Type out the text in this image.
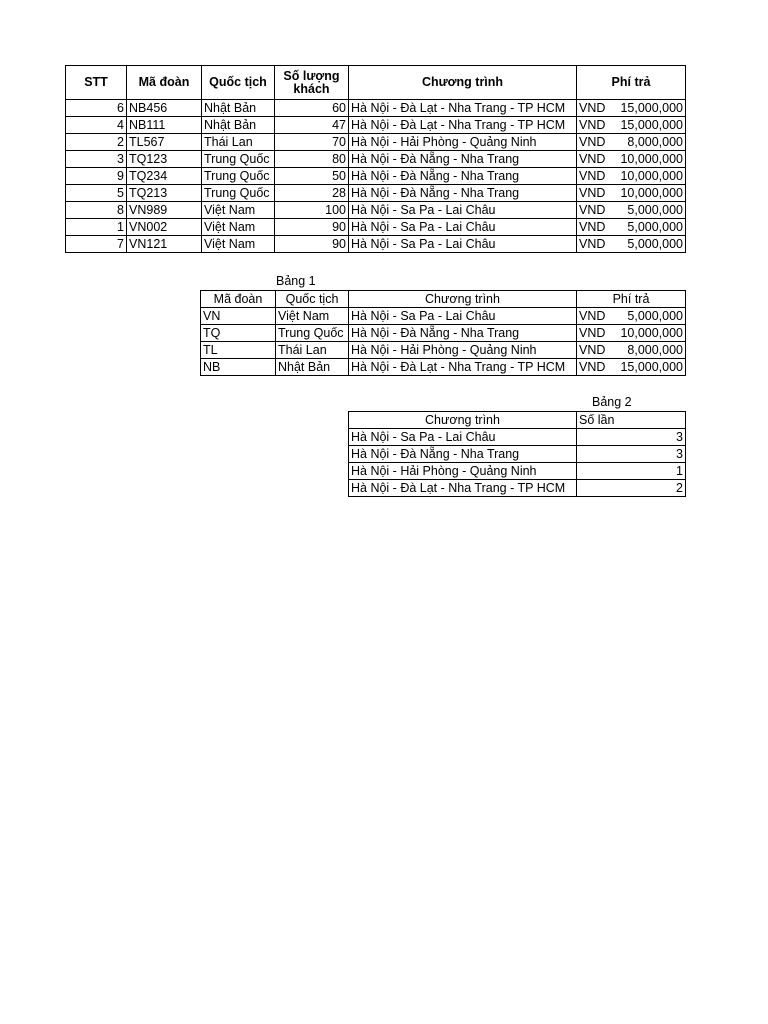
STT	Mã đoàn	Quốc tịch	Số lượng khách	Chương trình	Phí trả
6	NB456	Nhật Bản	60	Hà Nội - Đà Lạt - Nha Trang - TP HCM	VND 15,000,000

4	NB111	Nhật Bản	47	Hà Nội - Đà Lạt - Nha Trang - TP HCM	VND 15,000,000

2	TL567	Thái Lan	70	Hà Nội - Hải Phòng - Quảng Ninh	VND 8,000,000

3	TQ123	Trung Quốc	80	Hà Nội - Đà Nẵng - Nha Trang	VND 10,000,000

9	TQ234	Trung Quốc	50	Hà Nội - Đà Nẵng - Nha Trang	VND 10,000,000

5	TQ213	Trung Quốc	28	Hà Nội - Đà Nẵng - Nha Trang	VND 10,000,000

8	VN989	Việt Nam	100	Hà Nội - Sa Pa - Lai Châu	VND 5,000,000

1	VN002	Việt Nam	90	Hà Nội - Sa Pa - Lai Châu	VND 5,000,000

7	VN121	Việt Nam	90	Hà Nội - Sa Pa - Lai Châu	VND 5,000,000
Bảng 1
Mã đoàn	Quốc tịch	Chương trình	Phí trả
VN	Việt Nam	Hà Nội - Sa Pa - Lai Châu	VND 5,000,000

TQ	Trung Quốc	Hà Nội - Đà Nẵng - Nha Trang	VND 10,000,000

TL	Thái Lan	Hà Nội - Hải Phòng - Quảng Ninh	VND 8,000,000

NB	Nhật Bản	Hà Nội - Đà Lạt - Nha Trang - TP HCM	VND 15,000,000
Bảng 2
Chương trình	Số lần
Hà Nội - Sa Pa - Lai Châu	3
Hà Nội - Đà Nẵng - Nha Trang	3
Hà Nội - Hải Phòng - Quảng Ninh	1
Hà Nội - Đà Lạt - Nha Trang - TP HCM	2
